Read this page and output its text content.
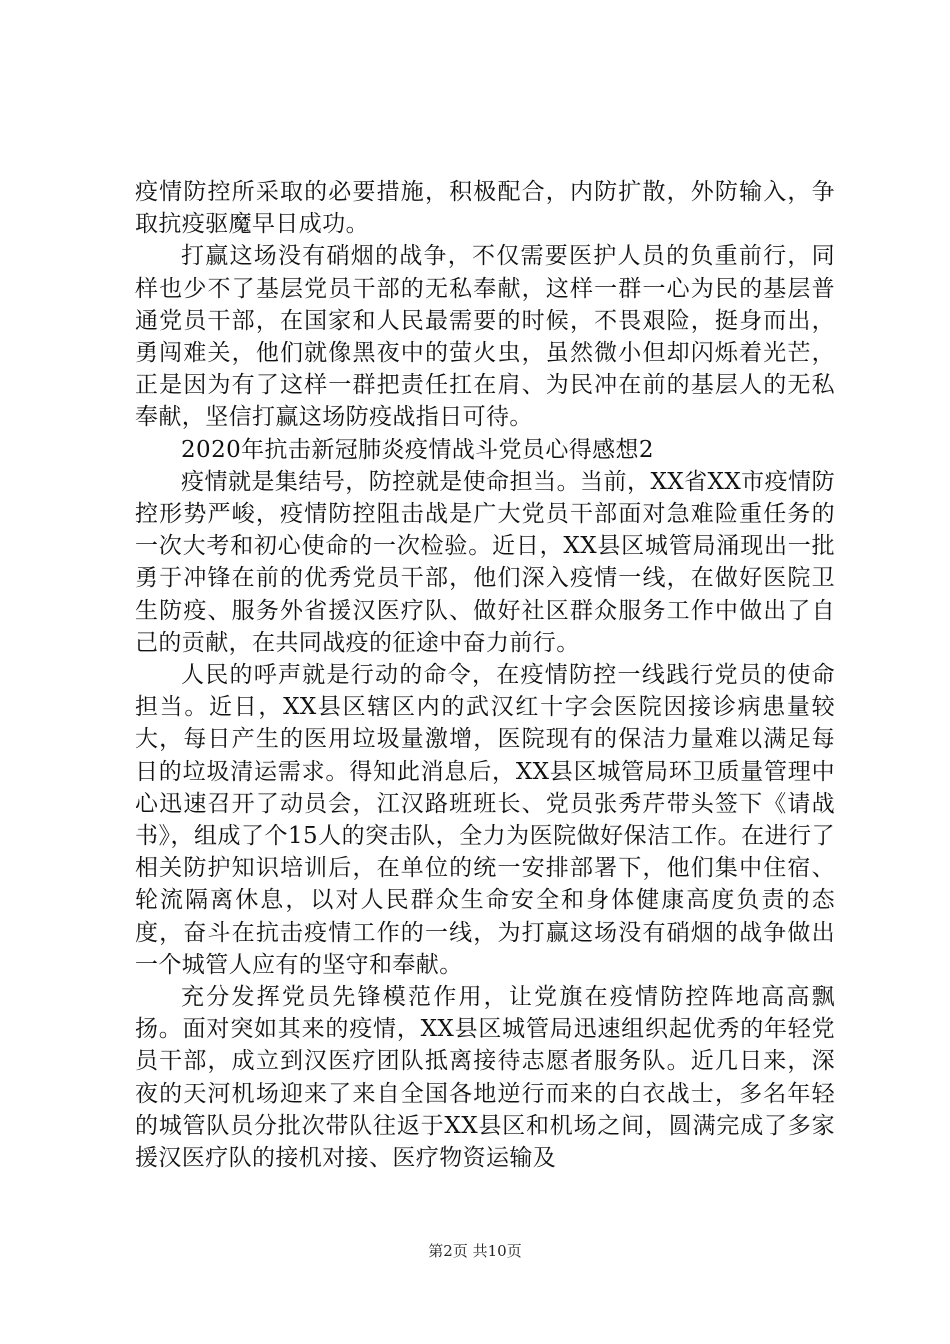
疫情防控所采取的必要措施，积极配合，内防扩散，外防输入，争取抗疫驱魔早日成功。

打赢这场没有硝烟的战争，不仅需要医护人员的负重前行，同样也少不了基层党员干部的无私奉献，这样一群一心为民的基层普通党员干部，在国家和人民最需要的时候，不畏艰险，挺身而出，勇闯难关，他们就像黑夜中的萤火虫，虽然微小但却闪烁着光芒，正是因为有了这样一群把责任扛在肩、为民冲在前的基层人的无私奉献，坚信打赢这场防疫战指日可待。

2020年抗击新冠肺炎疫情战斗党员心得感想2

疫情就是集结号，防控就是使命担当。当前，XX省XX市疫情防控形势严峻，疫情防控阻击战是广大党员干部面对急难险重任务的一次大考和初心使命的一次检验。近日，XX县区城管局涌现出一批勇于冲锋在前的优秀党员干部，他们深入疫情一线，在做好医院卫生防疫、服务外省援汉医疗队、做好社区群众服务工作中做出了自己的贡献，在共同战疫的征途中奋力前行。

人民的呼声就是行动的命令，在疫情防控一线践行党员的使命担当。近日，XX县区辖区内的武汉红十字会医院因接诊病患量较大，每日产生的医用垃圾量激增，医院现有的保洁力量难以满足每日的垃圾清运需求。得知此消息后，XX县区城管局环卫质量管理中心迅速召开了动员会，江汉路班班长、党员张秀芹带头签下《请战书》，组成了个15人的突击队，全力为医院做好保洁工作。在进行了相关防护知识培训后，在单位的统一安排部署下，他们集中住宿、轮流隔离休息，以对人民群众生命安全和身体健康高度负责的态度，奋斗在抗击疫情工作的一线，为打赢这场没有硝烟的战争做出一个城管人应有的坚守和奉献。

充分发挥党员先锋模范作用，让党旗在疫情防控阵地高高飘扬。面对突如其来的疫情，XX县区城管局迅速组织起优秀的年轻党员干部，成立到汉医疗团队抵离接待志愿者服务队。近几日来，深夜的天河机场迎来了来自全国各地逆行而来的白衣战士，多名年轻的城管队员分批次带队往返于XX县区和机场之间，圆满完成了多家援汉医疗队的接机对接、医疗物资运输及

第2页 共10页
